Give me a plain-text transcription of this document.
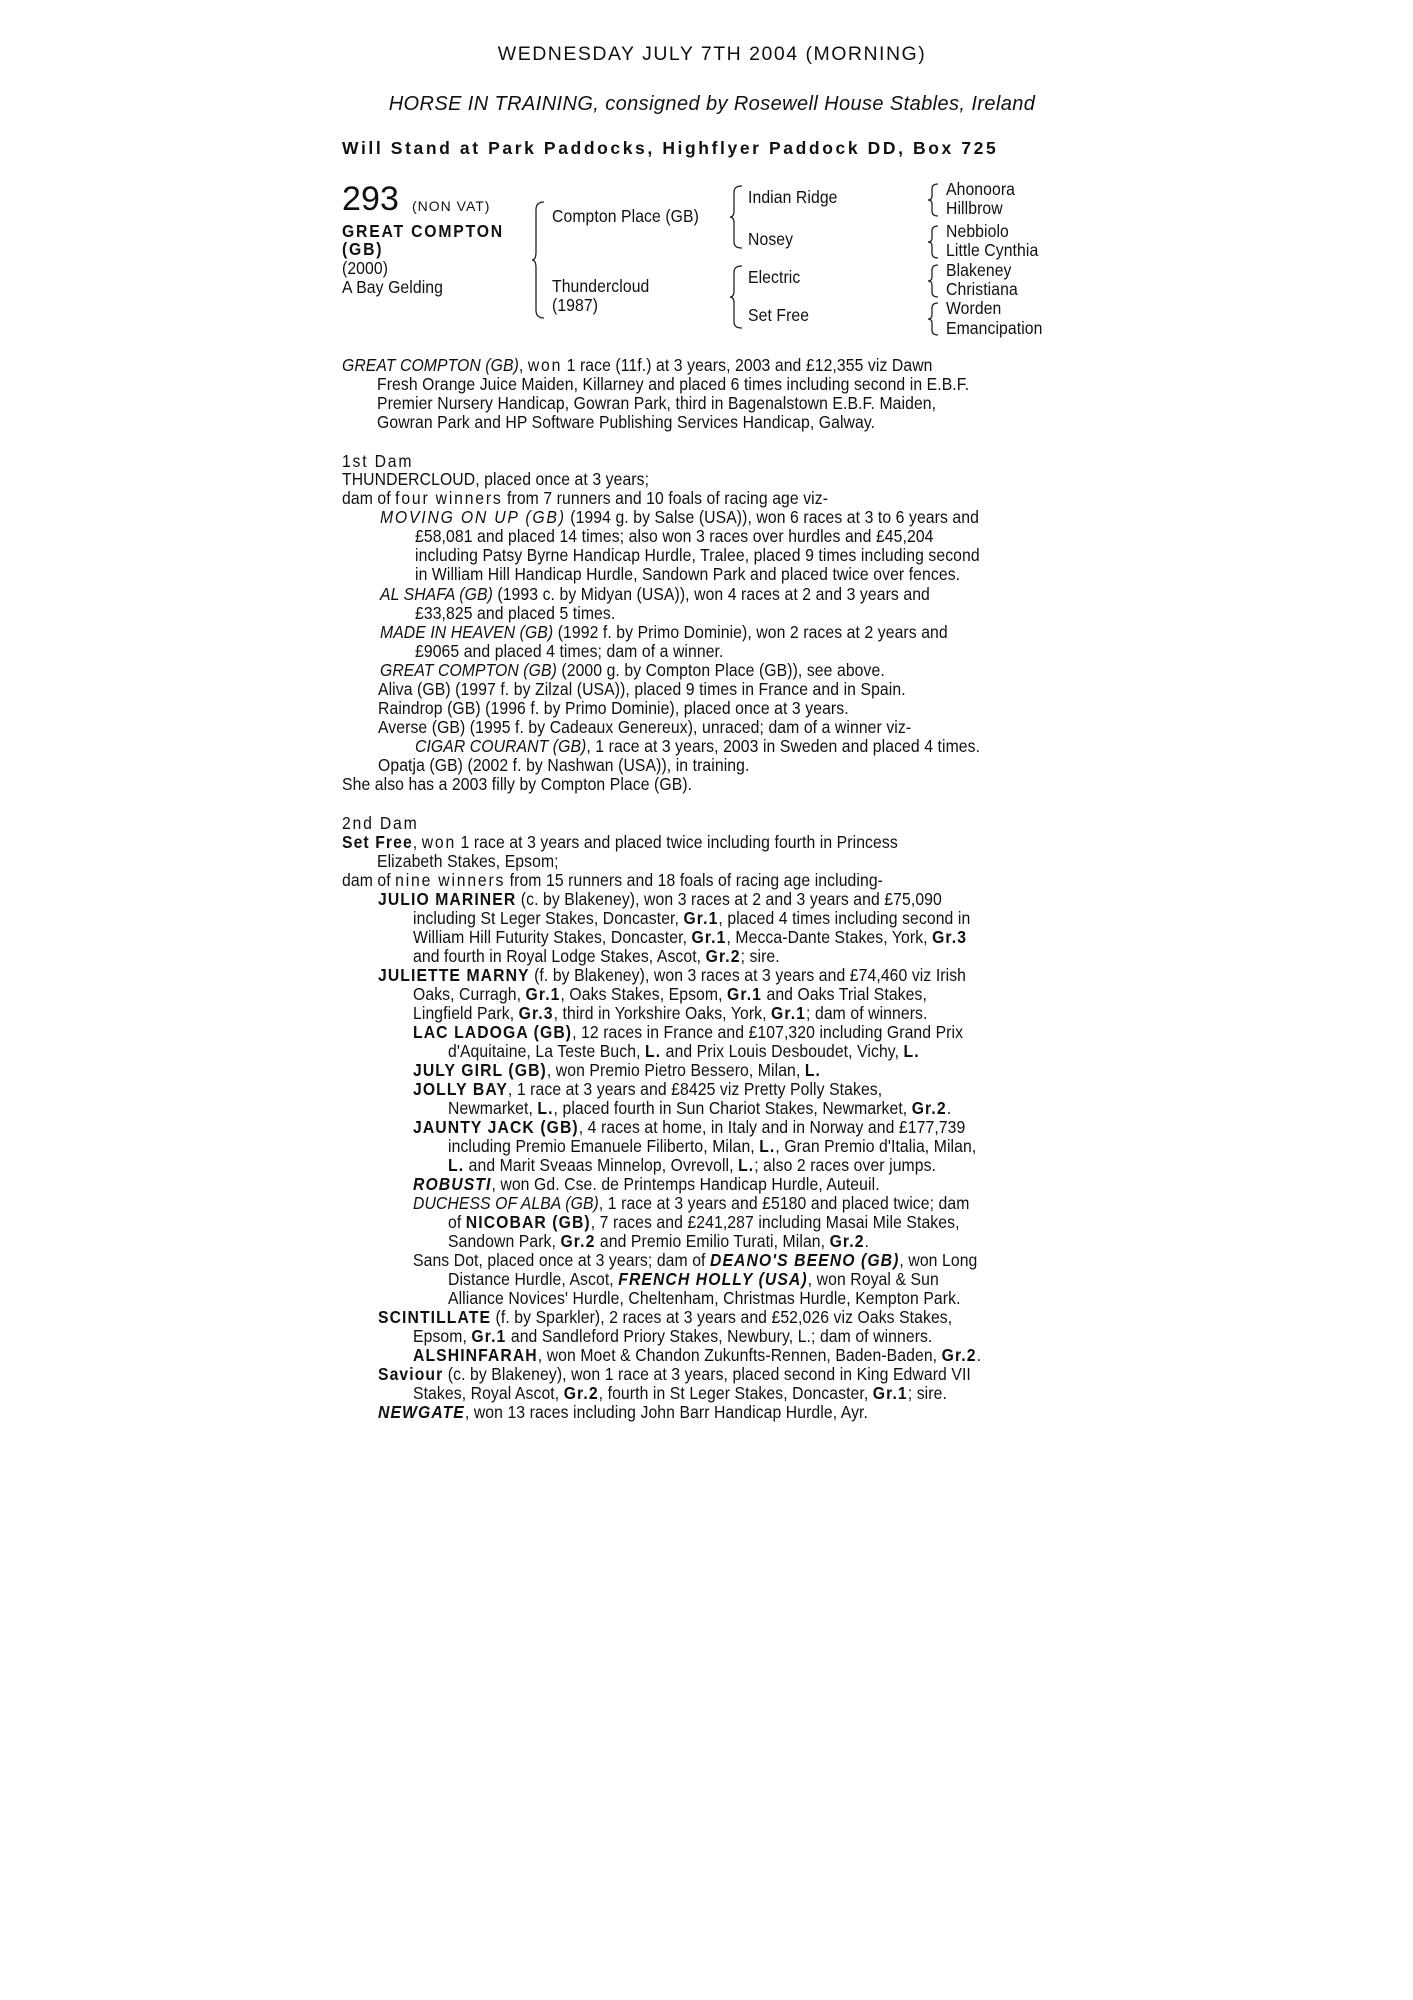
WEDNESDAY JULY 7TH 2004 (MORNING)
HORSE IN TRAINING, consigned by Rosewell House Stables, Ireland
Will Stand at Park Paddocks, Highflyer Paddock DD, Box 725
293 (NON VAT)
GREAT COMPTON
(GB)
(2000)
A Bay Gelding
Compton Place (GB)
Thundercloud
(1987)
Indian Ridge
Nosey
Electric
Set Free
Ahonoora
Hillbrow
Nebbiolo
Little Cynthia
Blakeney
Christiana
Worden
Emancipation
GREAT COMPTON (GB), won 1 race (11f.) at 3 years, 2003 and £12,355 viz Dawn
Fresh Orange Juice Maiden, Killarney and placed 6 times including second in E.B.F.
Premier Nursery Handicap, Gowran Park, third in Bagenalstown E.B.F. Maiden,
Gowran Park and HP Software Publishing Services Handicap, Galway.
1st Dam
THUNDERCLOUD, placed once at 3 years;
dam of four winners from 7 runners and 10 foals of racing age viz-
MOVING ON UP (GB) (1994 g. by Salse (USA)), won 6 races at 3 to 6 years and
£58,081 and placed 14 times; also won 3 races over hurdles and £45,204
including Patsy Byrne Handicap Hurdle, Tralee, placed 9 times including second
in William Hill Handicap Hurdle, Sandown Park and placed twice over fences.
AL SHAFA (GB) (1993 c. by Midyan (USA)), won 4 races at 2 and 3 years and
£33,825 and placed 5 times.
MADE IN HEAVEN (GB) (1992 f. by Primo Dominie), won 2 races at 2 years and
£9065 and placed 4 times; dam of a winner.
GREAT COMPTON (GB) (2000 g. by Compton Place (GB)), see above.
Aliva (GB) (1997 f. by Zilzal (USA)), placed 9 times in France and in Spain.
Raindrop (GB) (1996 f. by Primo Dominie), placed once at 3 years.
Averse (GB) (1995 f. by Cadeaux Genereux), unraced; dam of a winner viz-
CIGAR COURANT (GB), 1 race at 3 years, 2003 in Sweden and placed 4 times.
Opatja (GB) (2002 f. by Nashwan (USA)), in training.
She also has a 2003 filly by Compton Place (GB).
2nd Dam
Set Free, won 1 race at 3 years and placed twice including fourth in Princess
Elizabeth Stakes, Epsom;
dam of nine winners from 15 runners and 18 foals of racing age including-
JULIO MARINER (c. by Blakeney), won 3 races at 2 and 3 years and £75,090
including St Leger Stakes, Doncaster, Gr.1, placed 4 times including second in
William Hill Futurity Stakes, Doncaster, Gr.1, Mecca-Dante Stakes, York, Gr.3
and fourth in Royal Lodge Stakes, Ascot, Gr.2; sire.
JULIETTE MARNY (f. by Blakeney), won 3 races at 3 years and £74,460 viz Irish
Oaks, Curragh, Gr.1, Oaks Stakes, Epsom, Gr.1 and Oaks Trial Stakes,
Lingfield Park, Gr.3, third in Yorkshire Oaks, York, Gr.1; dam of winners.
LAC LADOGA (GB), 12 races in France and £107,320 including Grand Prix
d'Aquitaine, La Teste Buch, L. and Prix Louis Desboudet, Vichy, L.
JULY GIRL (GB), won Premio Pietro Bessero, Milan, L.
JOLLY BAY, 1 race at 3 years and £8425 viz Pretty Polly Stakes,
Newmarket, L., placed fourth in Sun Chariot Stakes, Newmarket, Gr.2.
JAUNTY JACK (GB), 4 races at home, in Italy and in Norway and £177,739
including Premio Emanuele Filiberto, Milan, L., Gran Premio d'Italia, Milan,
L. and Marit Sveaas Minnelop, Ovrevoll, L.; also 2 races over jumps.
ROBUSTI, won Gd. Cse. de Printemps Handicap Hurdle, Auteuil.
DUCHESS OF ALBA (GB), 1 race at 3 years and £5180 and placed twice; dam
of NICOBAR (GB), 7 races and £241,287 including Masai Mile Stakes,
Sandown Park, Gr.2 and Premio Emilio Turati, Milan, Gr.2.
Sans Dot, placed once at 3 years; dam of DEANO'S BEENO (GB), won Long
Distance Hurdle, Ascot, FRENCH HOLLY (USA), won Royal & Sun
Alliance Novices' Hurdle, Cheltenham, Christmas Hurdle, Kempton Park.
SCINTILLATE (f. by Sparkler), 2 races at 3 years and £52,026 viz Oaks Stakes,
Epsom, Gr.1 and Sandleford Priory Stakes, Newbury, L.; dam of winners.
ALSHINFARAH, won Moet & Chandon Zukunfts-Rennen, Baden-Baden, Gr.2.
Saviour (c. by Blakeney), won 1 race at 3 years, placed second in King Edward VII
Stakes, Royal Ascot, Gr.2, fourth in St Leger Stakes, Doncaster, Gr.1; sire.
NEWGATE, won 13 races including John Barr Handicap Hurdle, Ayr.
